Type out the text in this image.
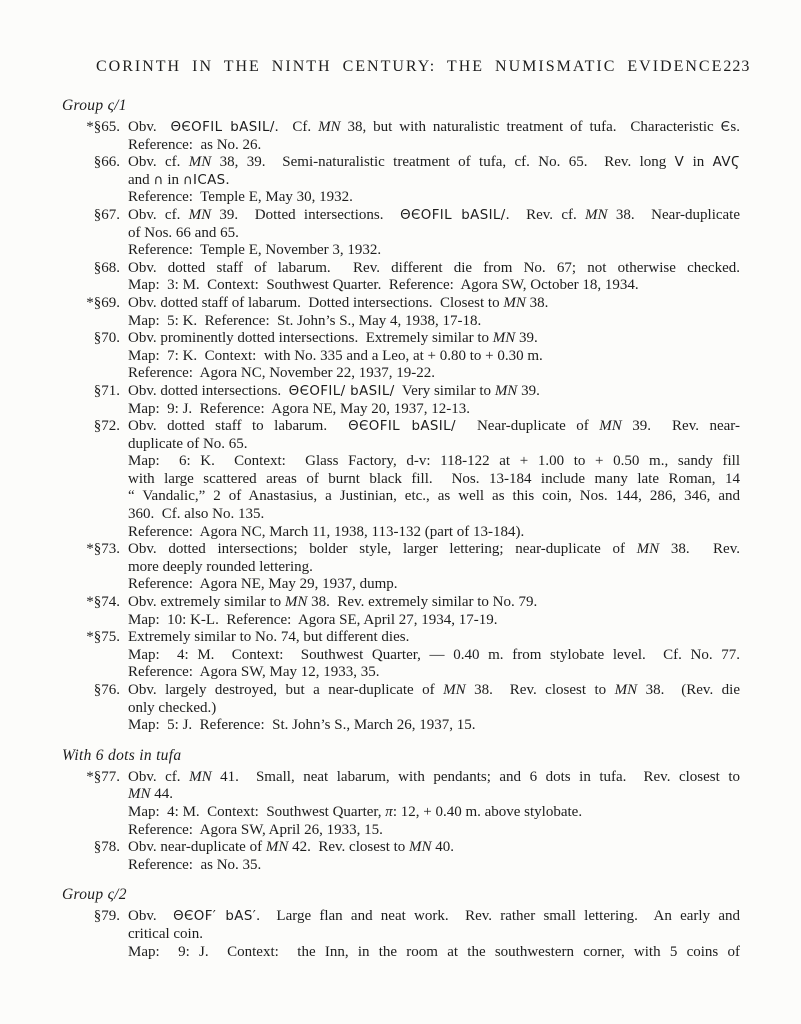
CORINTH IN THE NINTH CENTURY: THE NUMISMATIC EVIDENCE 223
Group ς/1
*§65. Obv.  ΘЄOFIL bASIL/.  Cf. MN 38, but with naturalistic treatment of tufa.  Characteristic Єs.
Reference:  as No. 26.
§66. Obv. cf. MN 38, 39.  Semi-naturalistic treatment of tufa, cf. No. 65.  Rev. long V in AVϚ
and ∩ in ∩ICAS.
Reference:  Temple E, May 30, 1932.
§67. Obv. cf. MN 39.  Dotted intersections.  ΘЄOFIL bASIL/.  Rev. cf. MN 38.  Near-duplicate
of Nos. 66 and 65.
Reference:  Temple E, November 3, 1932.
§68. Obv. dotted staff of labarum.  Rev. different die from No. 67; not otherwise checked.
Map:  3: M.  Context:  Southwest Quarter.  Reference:  Agora SW, October 18, 1934.
*§69. Obv. dotted staff of labarum.  Dotted intersections.  Closest to MN 38.
Map:  5: K.  Reference:  St. John’s S., May 4, 1938, 17-18.
§70. Obv. prominently dotted intersections.  Extremely similar to MN 39.
Map:  7: K.  Context:  with No. 335 and a Leo, at + 0.80 to + 0.30 m.
Reference:  Agora NC, November 22, 1937, 19-22.
§71. Obv. dotted intersections.  ΘЄOFIL/ bASIL/  Very similar to MN 39.
Map:  9: J.  Reference:  Agora NE, May 20, 1937, 12-13.
§72. Obv. dotted staff to labarum.  ΘЄOFIL bASIL/  Near-duplicate of MN 39.  Rev. near-
duplicate of No. 65.
Map:  6: K.  Context:  Glass Factory, d-v: 118-122 at + 1.00 to + 0.50 m., sandy fill
with large scattered areas of burnt black fill.  Nos. 13-184 include many late Roman, 14
“ Vandalic,” 2 of Anastasius, a Justinian, etc., as well as this coin, Nos. 144, 286, 346, and
360.  Cf. also No. 135.
Reference:  Agora NC, March 11, 1938, 113-132 (part of 13-184).
*§73. Obv. dotted intersections; bolder style, larger lettering; near-duplicate of MN 38.  Rev.
more deeply rounded lettering.
Reference:  Agora NE, May 29, 1937, dump.
*§74. Obv. extremely similar to MN 38.  Rev. extremely similar to No. 79.
Map:  10: K-L.  Reference:  Agora SE, April 27, 1934, 17-19.
*§75. Extremely similar to No. 74, but different dies.
Map:  4: M.  Context:  Southwest Quarter, — 0.40 m. from stylobate level.  Cf. No. 77.
Reference:  Agora SW, May 12, 1933, 35.
§76. Obv. largely destroyed, but a near-duplicate of MN 38.  Rev. closest to MN 38.  (Rev. die
only checked.)
Map:  5: J.  Reference:  St. John’s S., March 26, 1937, 15.
With 6 dots in tufa
*§77. Obv. cf. MN 41.  Small, neat labarum, with pendants; and 6 dots in tufa.  Rev. closest to
MN 44.
Map:  4: M.  Context:  Southwest Quarter, π: 12, + 0.40 m. above stylobate.
Reference:  Agora SW, April 26, 1933, 15.
§78. Obv. near-duplicate of MN 42.  Rev. closest to MN 40.
Reference:  as No. 35.
Group ς/2
§79. Obv.  ΘЄOF′ bAS′.  Large flan and neat work.  Rev. rather small lettering.  An early and
critical coin.
Map:  9: J.  Context:  the Inn, in the room at the southwestern corner, with 5 coins of
